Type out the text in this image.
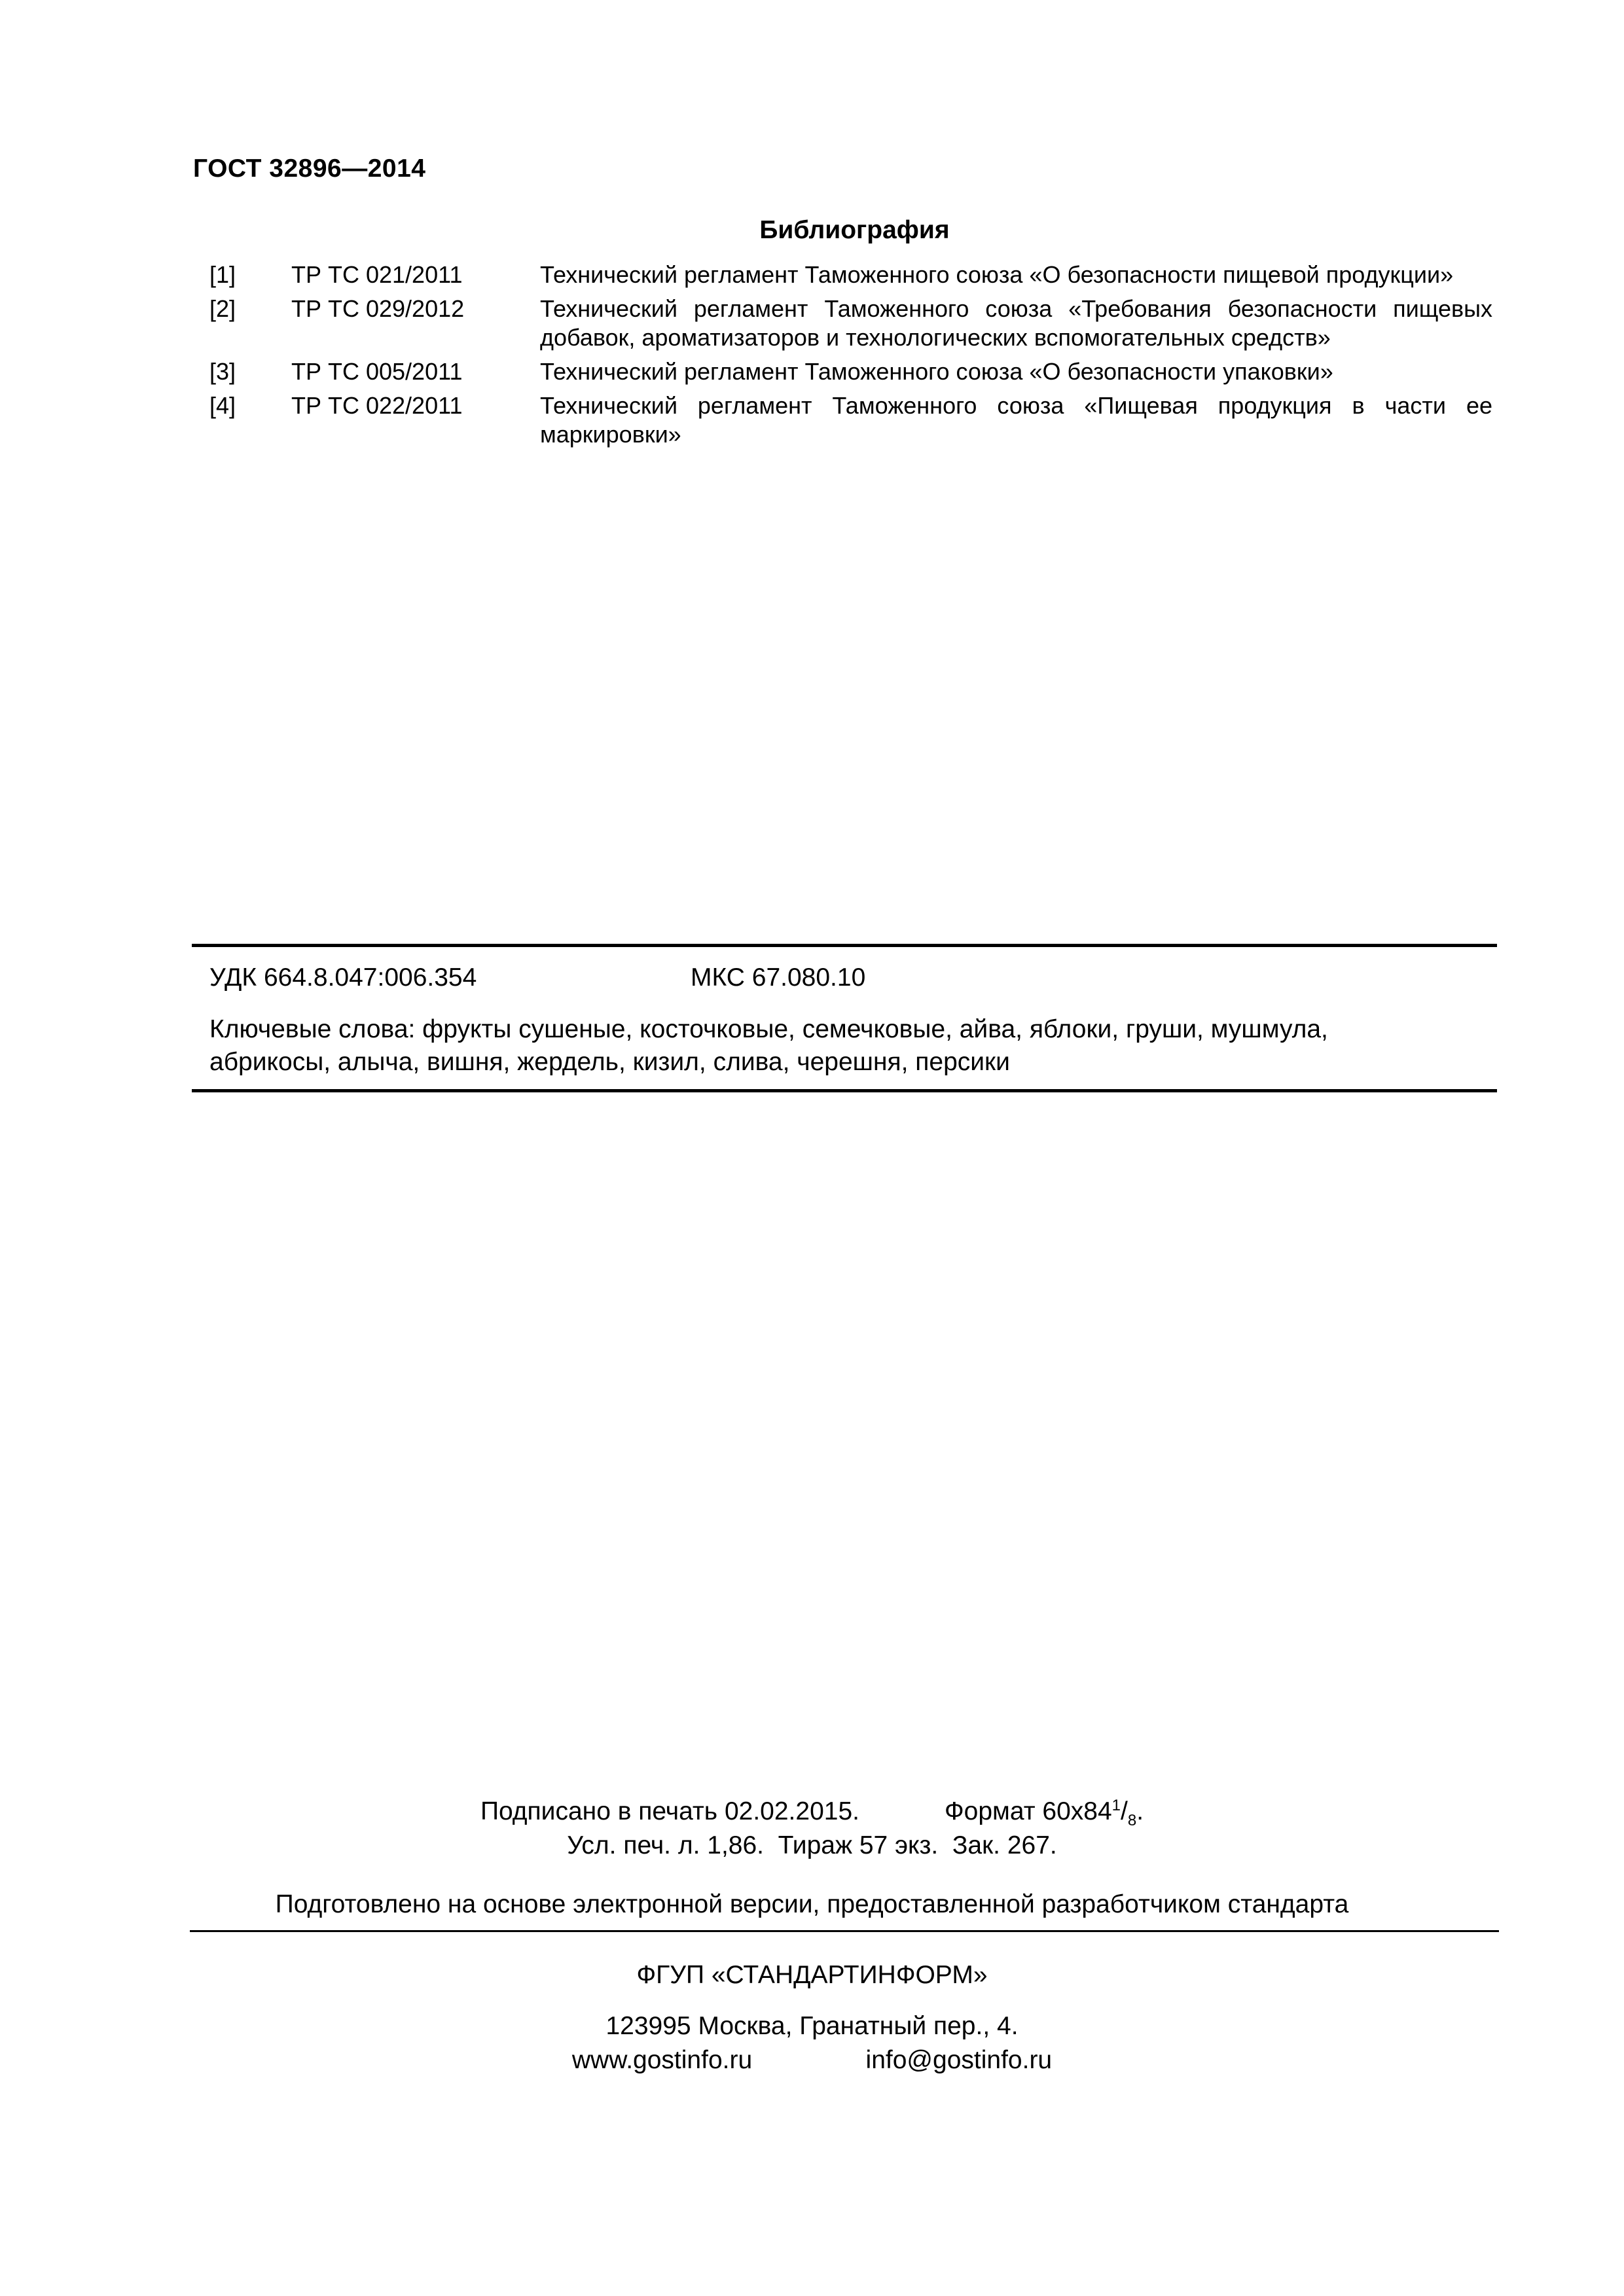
ГОСТ 32896—2014
Библиография
[1]	ТР ТС 021/2011	Технический регламент Таможенного союза «О безопасности пищевой продукции»
[2]	ТР ТС 029/2012	Технический регламент Таможенного союза «Требования безопасности пищевых добавок, ароматизаторов и технологических вспомогательных средств»
[3]	ТР ТС 005/2011	Технический регламент Таможенного союза «О безопасности упаковки»
[4]	ТР ТС 022/2011	Технический регламент Таможенного союза «Пищевая продукция в части ее маркировки»
УДК 664.8.047:006.354	МКС 67.080.10
Ключевые слова: фрукты сушеные, косточковые, семечковые, айва, яблоки, груши, мушмула, абрикосы, алыча, вишня, жердель, кизил, слива, черешня, персики
Подписано в печать 02.02.2015.	Формат $60x84^1/_8$.
Усл. печ. л. 1,86.  Тираж 57 экз.  Зак. 267.
Подготовлено на основе электронной версии, предоставленной разработчиком стандарта
ФГУП «СТАНДАРТИНФОРМ»
123995 Москва, Гранатный пер., 4.
www.gostinfo.ru	info@gostinfo.ru
